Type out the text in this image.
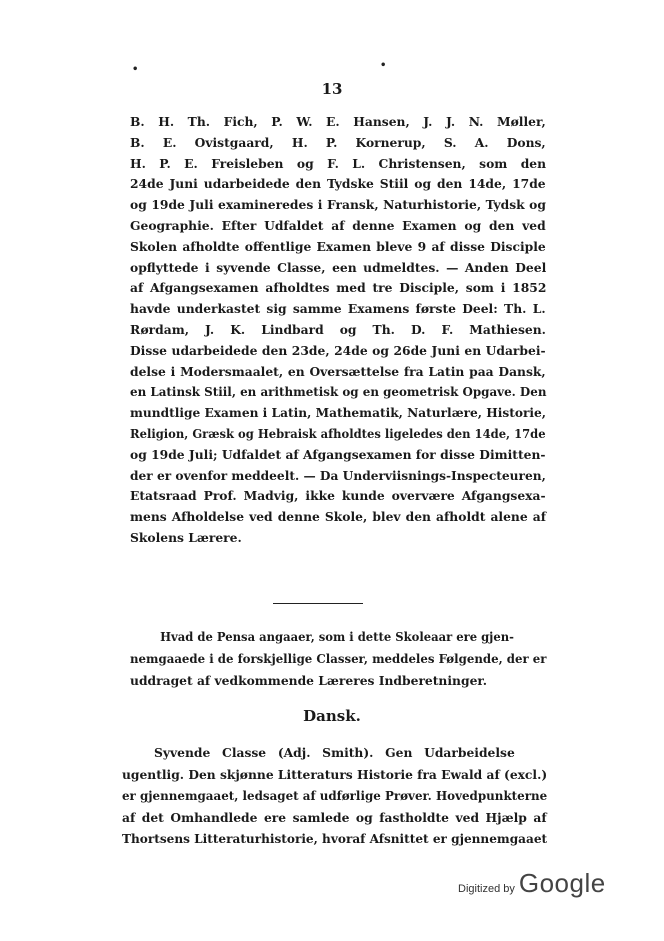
•	•
13
B. H. Th. Fich, P. W. E. Hansen, J. J. N. Møller,
B. E. Ovistgaard, H. P. Kornerup, S. A. Dons,
H. P. E. Freisleben og F. L. Christensen, som den
24de Juni udarbeidede den Tydske Stiil og den 14de, 17de
og 19de Juli examineredes i Fransk, Naturhistorie, Tydsk og
Geographie. Efter Udfaldet af denne Examen og den ved
Skolen afholdte offentlige Examen bleve 9 af disse Disciple
opflyttede i syvende Classe, een udmeldtes. — Anden Deel
af Afgangsexamen afholdtes med tre Disciple, som i 1852
havde underkastet sig samme Examens første Deel: Th. L.
Rørdam, J. K. Lindbard og Th. D. F. Mathiesen.
Disse udarbeidede den 23de, 24de og 26de Juni en Udarbei-
delse i Modersmaalet, en Oversættelse fra Latin paa Dansk,
en Latinsk Stiil, en arithmetisk og en geometrisk Opgave. Den
mundtlige Examen i Latin, Mathematik, Naturlære, Historie,
Religion, Græsk og Hebraisk afholdtes ligeledes den 14de, 17de
og 19de Juli; Udfaldet af Afgangsexamen for disse Dimitten-
der er ovenfor meddeelt. — Da Underviisnings-Inspecteuren,
Etatsraad Prof. Madvig, ikke kunde overvære Afgangsexa-
mens Afholdelse ved denne Skole, blev den afholdt alene af
Skolens Lærere.
Hvad de Pensa angaaer, som i dette Skoleaar ere gjen-
nemgaaede i de forskjellige Classer, meddeles Følgende, der er
uddraget af vedkommende Læreres Indberetninger.
Dansk.
Syvende Classe (Adj. Smith). Gen Udarbeidelse
ugentlig. Den skjønne Litteraturs Historie fra Ewald af (excl.)
er gjennemgaaet, ledsaget af udførlige Prøver. Hovedpunkterne
af det Omhandlede ere samlede og fastholdte ved Hjælp af
Thortsens Litteraturhistorie, hvoraf Afsnittet er gjennemgaaet
Digitized by Google
